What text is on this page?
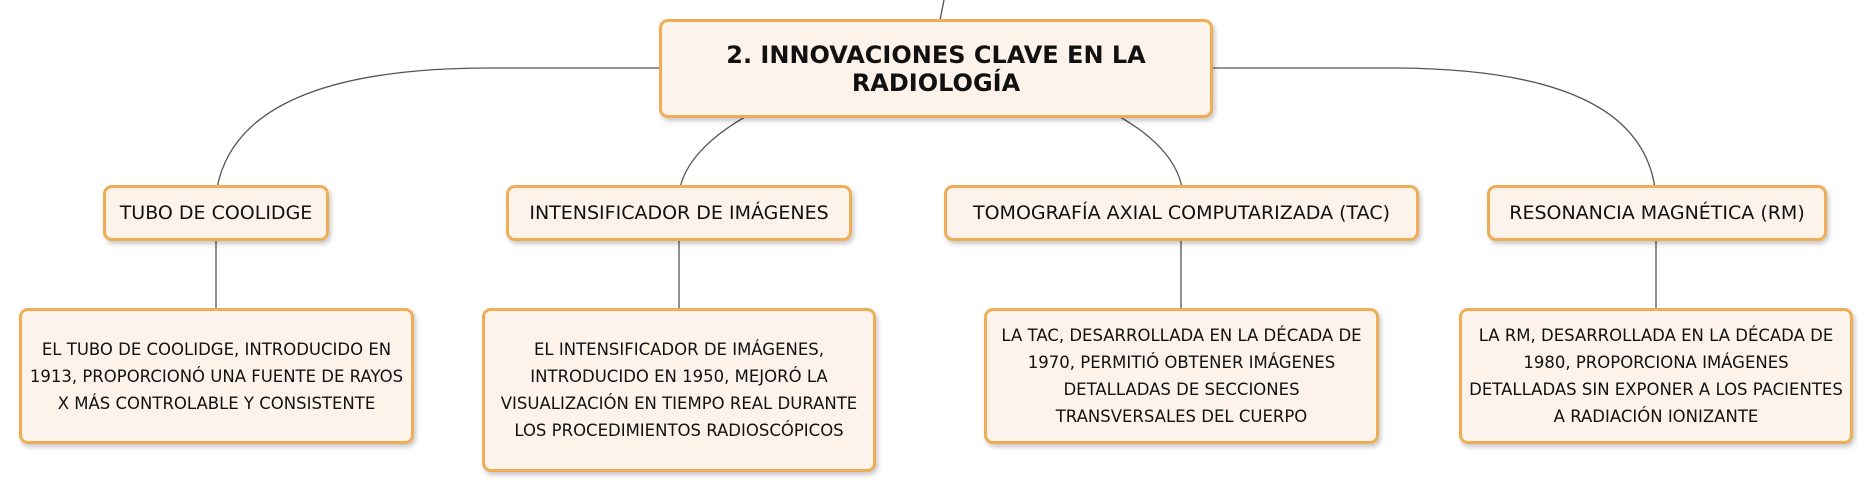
2. INNOVACIONES CLAVE EN LA RADIOLOGÍA
TUBO DE COOLIDGE	INTENSIFICADOR DE IMÁGENES	TOMOGRAFÍA AXIAL COMPUTARIZADA (TAC)	RESONANCIA MAGNÉTICA (RM)
EL TUBO DE COOLIDGE, INTRODUCIDO EN 1913, PROPORCIONÓ UNA FUENTE DE RAYOS X MÁS CONTROLABLE Y CONSISTENTE
EL INTENSIFICADOR DE IMÁGENES, INTRODUCIDO EN 1950, MEJORÓ LA VISUALIZACIÓN EN TIEMPO REAL DURANTE LOS PROCEDIMIENTOS RADIOSCÓPICOS
LA TAC, DESARROLLADA EN LA DÉCADA DE 1970, PERMITIÓ OBTENER IMÁGENES DETALLADAS DE SECCIONES TRANSVERSALES DEL CUERPO
LA RM, DESARROLLADA EN LA DÉCADA DE 1980, PROPORCIONA IMÁGENES DETALLADAS SIN EXPONER A LOS PACIENTES A RADIACIÓN IONIZANTE
